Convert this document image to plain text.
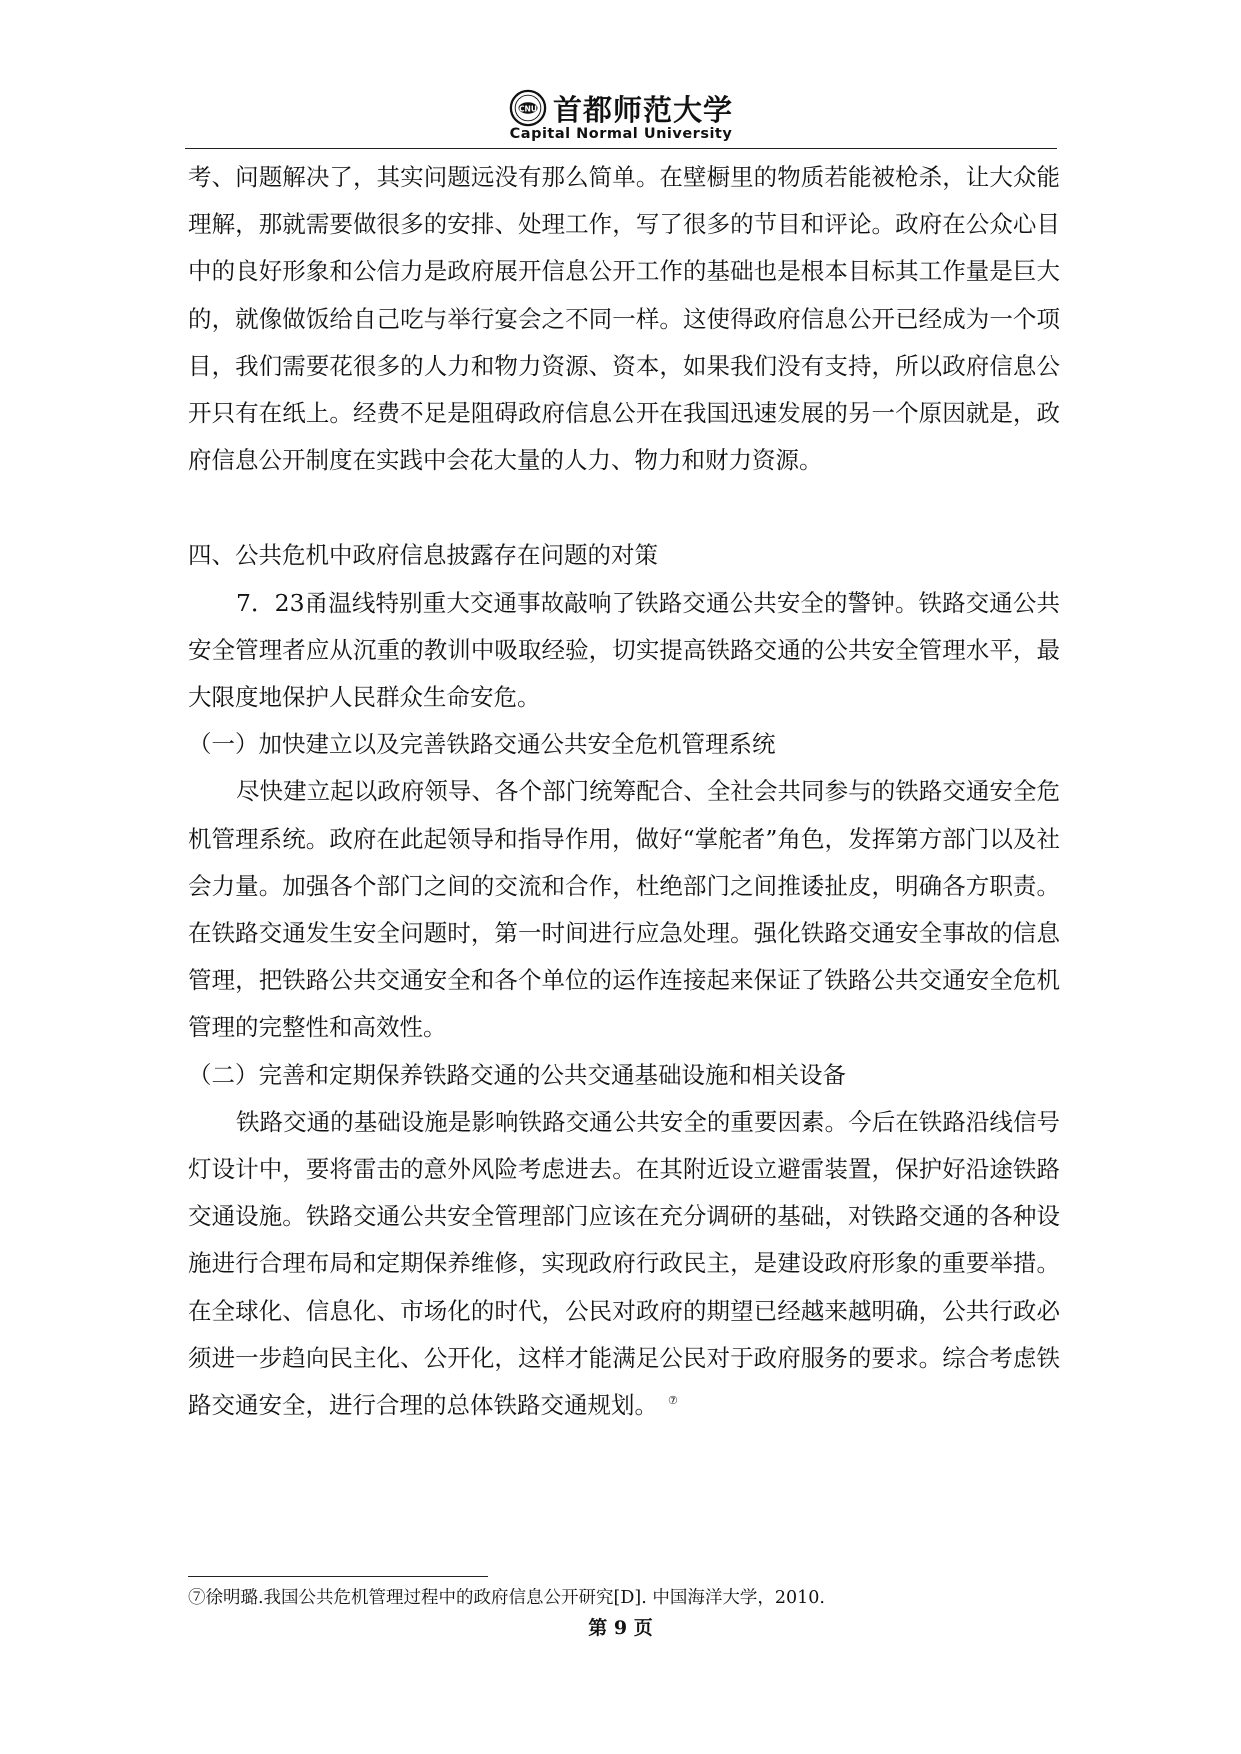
CNU 首都师范大学
Capital Normal University

考、问题解决了，其实问题远没有那么简单。在壁橱里的物质若能被枪杀，让大众能理解，那就需要做很多的安排、处理工作，写了很多的节目和评论。政府在公众心目中的良好形象和公信力是政府展开信息公开工作的基础也是根本目标其工作量是巨大的，就像做饭给自己吃与举行宴会之不同一样。这使得政府信息公开已经成为一个项目，我们需要花很多的人力和物力资源、资本，如果我们没有支持，所以政府信息公开只有在纸上。经费不足是阻碍政府信息公开在我国迅速发展的另一个原因就是，政府信息公开制度在实践中会花大量的人力、物力和财力资源。

四、公共危机中政府信息披露存在问题的对策

7．23甬温线特别重大交通事故敲响了铁路交通公共安全的警钟。铁路交通公共安全管理者应从沉重的教训中吸取经验，切实提高铁路交通的公共安全管理水平，最大限度地保护人民群众生命安危。

（一）加快建立以及完善铁路交通公共安全危机管理系统

尽快建立起以政府领导、各个部门统筹配合、全社会共同参与的铁路交通安全危机管理系统。政府在此起领导和指导作用，做好“掌舵者”角色，发挥第方部门以及社会力量。加强各个部门之间的交流和合作，杜绝部门之间推诿扯皮，明确各方职责。在铁路交通发生安全问题时，第一时间进行应急处理。强化铁路交通安全事故的信息管理，把铁路公共交通安全和各个单位的运作连接起来保证了铁路公共交通安全危机管理的完整性和高效性。

（二）完善和定期保养铁路交通的公共交通基础设施和相关设备

铁路交通的基础设施是影响铁路交通公共安全的重要因素。今后在铁路沿线信号灯设计中，要将雷击的意外风险考虑进去。在其附近设立避雷装置，保护好沿途铁路交通设施。铁路交通公共安全管理部门应该在充分调研的基础，对铁路交通的各种设施进行合理布局和定期保养维修，实现政府行政民主，是建设政府形象的重要举措。在全球化、信息化、市场化的时代，公民对政府的期望已经越来越明确，公共行政必须进一步趋向民主化、公开化，这样才能满足公民对于政府服务的要求。综合考虑铁路交通安全，进行合理的总体铁路交通规划。 ⑦

⑦徐明璐.我国公共危机管理过程中的政府信息公开研究[D]. 中国海洋大学，2010.
第 9 页
